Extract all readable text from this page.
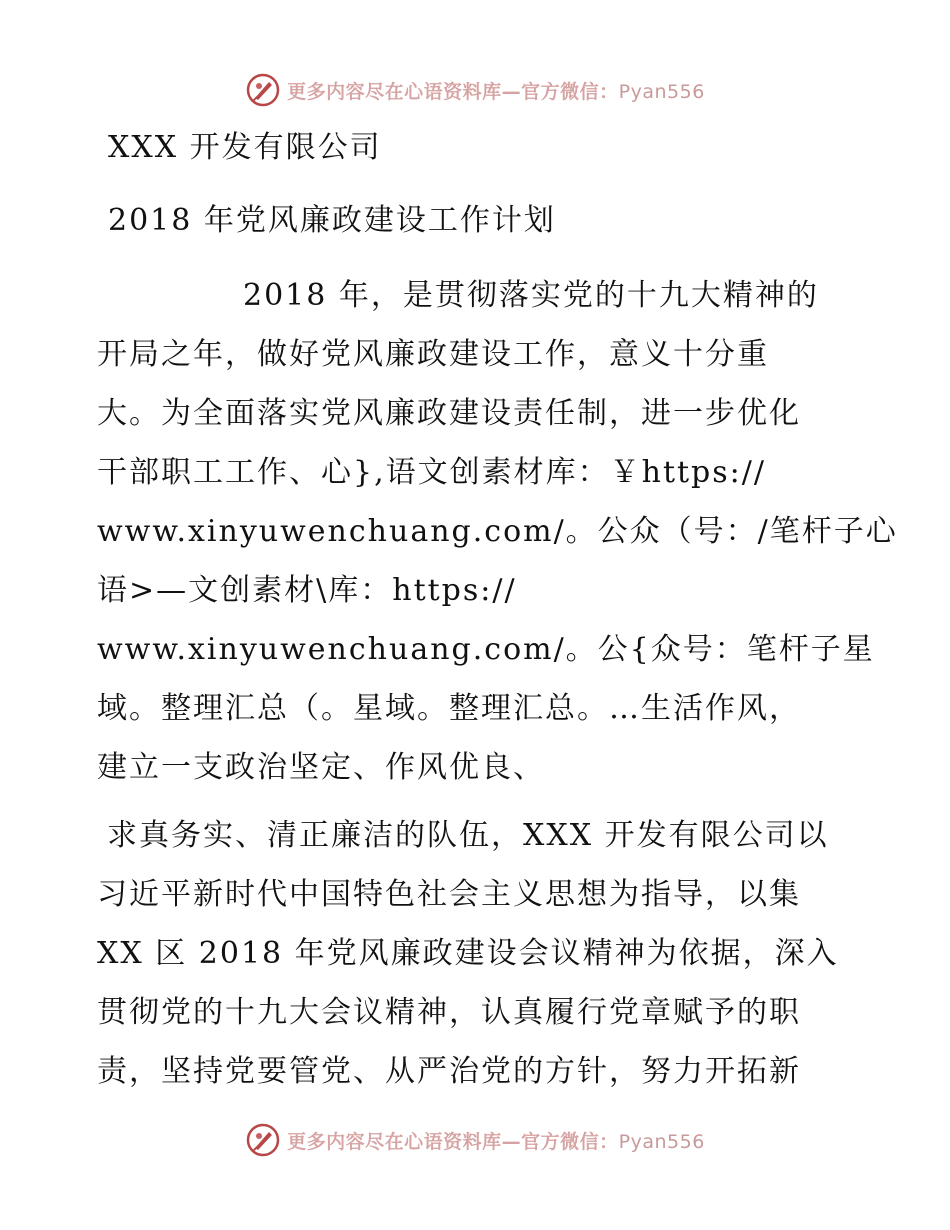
更多内容尽在心语资料库—官方微信：Pyan556
XXX 开发有限公司
2018 年党风廉政建设工作计划
2018 年，是贯彻落实党的十九大精神的
开局之年，做好党风廉政建设工作，意义十分重
大。为全面落实党风廉政建设责任制，进一步优化
干部职工工作、心},语文创素材库：￥https://
www.xinyuwenchuang.com/。公众（号：/笔杆子心
语>—文创素材\库：https://
www.xinyuwenchuang.com/。公{众号：笔杆子星
域。整理汇总（。星域。整理汇总。…生活作风，
建立一支政治坚定、作风优良、
求真务实、清正廉洁的队伍，XXX 开发有限公司以
习近平新时代中国特色社会主义思想为指导，以集
XX 区 2018 年党风廉政建设会议精神为依据，深入
贯彻党的十九大会议精神，认真履行党章赋予的职
责，坚持党要管党、从严治党的方针，努力开拓新
更多内容尽在心语资料库—官方微信：Pyan556
